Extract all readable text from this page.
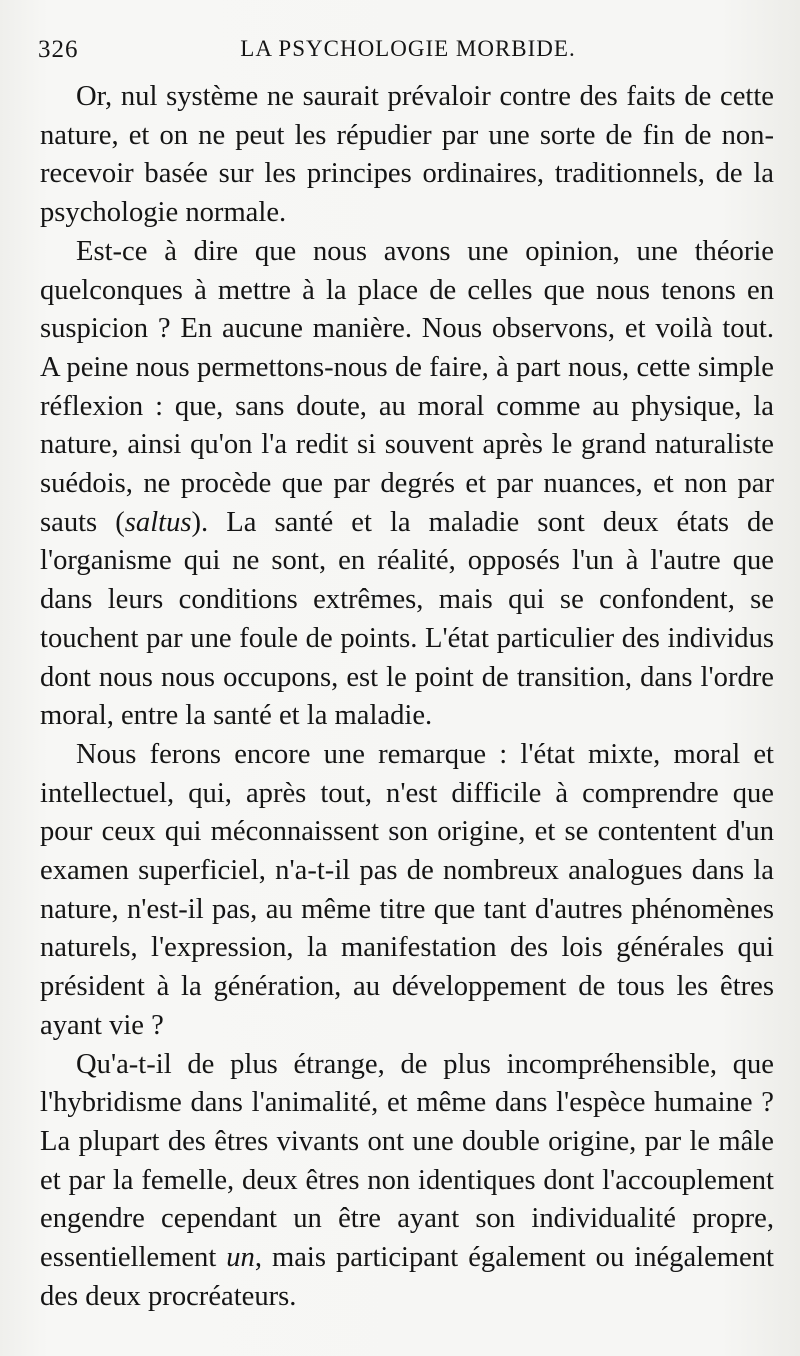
326	LA PSYCHOLOGIE MORBIDE.

Or, nul système ne saurait prévaloir contre des faits de cette nature, et on ne peut les répudier par une sorte de fin de non-recevoir basée sur les principes ordinaires, traditionnels, de la psychologie normale.

Est-ce à dire que nous avons une opinion, une théorie quelconques à mettre à la place de celles que nous tenons en suspicion ? En aucune manière. Nous observons, et voilà tout. A peine nous permettons-nous de faire, à part nous, cette simple réflexion : que, sans doute, au moral comme au physique, la nature, ainsi qu'on l'a redit si souvent après le grand naturaliste suédois, ne procède que par degrés et par nuances, et non par sauts (saltus). La santé et la maladie sont deux états de l'organisme qui ne sont, en réalité, opposés l'un à l'autre que dans leurs conditions extrêmes, mais qui se confondent, se touchent par une foule de points. L'état particulier des individus dont nous nous occupons, est le point de transition, dans l'ordre moral, entre la santé et la maladie.

Nous ferons encore une remarque : l'état mixte, moral et intellectuel, qui, après tout, n'est difficile à comprendre que pour ceux qui méconnaissent son origine, et se contentent d'un examen superficiel, n'a-t-il pas de nombreux analogues dans la nature, n'est-il pas, au même titre que tant d'autres phénomènes naturels, l'expression, la manifestation des lois générales qui président à la génération, au développement de tous les êtres ayant vie ?

Qu'a-t-il de plus étrange, de plus incompréhensible, que l'hybridisme dans l'animalité, et même dans l'espèce humaine ? La plupart des êtres vivants ont une double origine, par le mâle et par la femelle, deux êtres non identiques dont l'accouplement engendre cependant un être ayant son individualité propre, essentiellement un, mais participant également ou inégalement des deux procréateurs.
